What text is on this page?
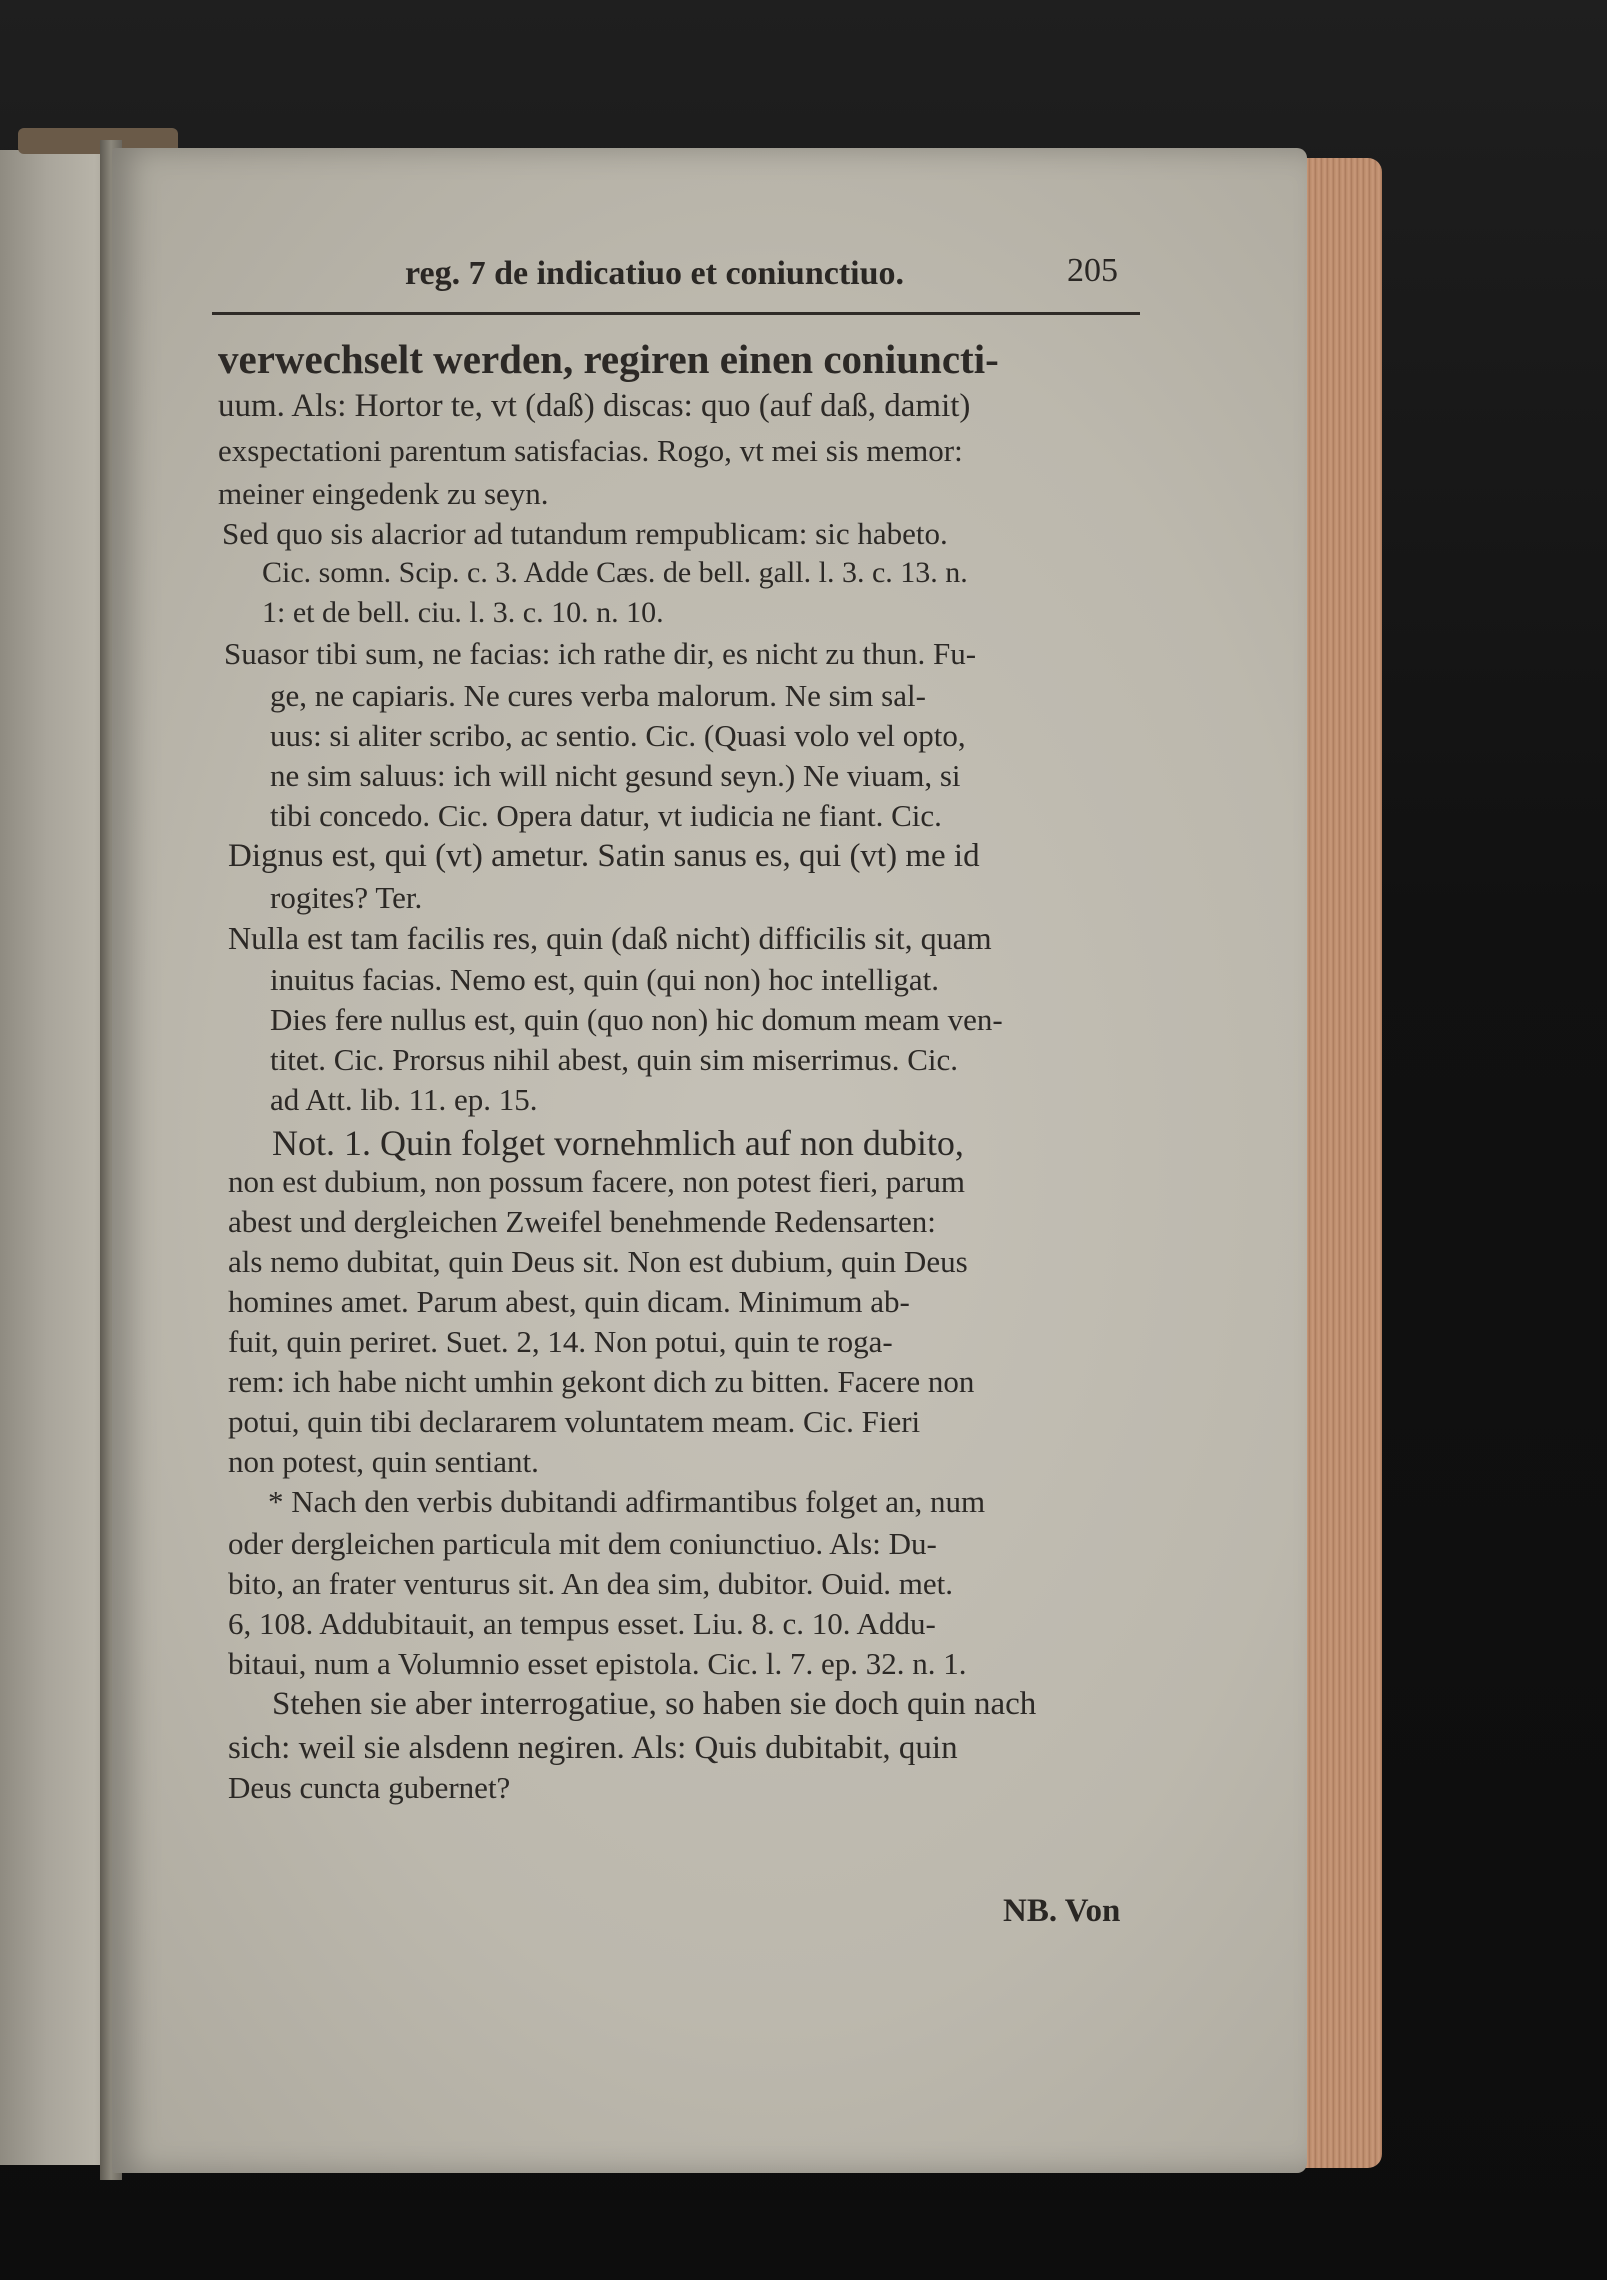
reg. 7 de indicatiuo et coniunctiuo.	205
verwechselt werden, regiren einen coniuncti-
uum. Als: Hortor te, vt (daß) discas: quo (auf daß, damit)
exspectationi parentum satisfacias. Rogo, vt mei sis memor:
meiner eingedenk zu seyn.
Sed quo sis alacrior ad tutandum rempublicam: sic habeto.
Cic. somn. Scip. c. 3. Adde Cæs. de bell. gall. l. 3. c. 13. n.
1: et de bell. ciu. l. 3. c. 10. n. 10.
Suasor tibi sum, ne facias: ich rathe dir, es nicht zu thun. Fu-
ge, ne capiaris. Ne cures verba malorum. Ne sim sal-
uus: si aliter scribo, ac sentio. Cic. (Quasi volo vel opto,
ne sim saluus: ich will nicht gesund seyn.) Ne viuam, si
tibi concedo. Cic. Opera datur, vt iudicia ne fiant. Cic.
Dignus est, qui (vt) ametur. Satin sanus es, qui (vt) me id
rogites? Ter.
Nulla est tam facilis res, quin (daß nicht) difficilis sit, quam
inuitus facias. Nemo est, quin (qui non) hoc intelligat.
Dies fere nullus est, quin (quo non) hic domum meam ven-
titet. Cic. Prorsus nihil abest, quin sim miserrimus. Cic.
ad Att. lib. 11. ep. 15.
Not. 1. Quin folget vornehmlich auf non dubito,
non est dubium, non possum facere, non potest fieri, parum
abest und dergleichen Zweifel benehmende Redensarten:
als nemo dubitat, quin Deus sit. Non est dubium, quin Deus
homines amet. Parum abest, quin dicam. Minimum ab-
fuit, quin periret. Suet. 2, 14. Non potui, quin te roga-
rem: ich habe nicht umhin gekont dich zu bitten. Facere non
potui, quin tibi declararem voluntatem meam. Cic. Fieri
non potest, quin sentiant.
* Nach den verbis dubitandi adfirmantibus folget an, num
oder dergleichen particula mit dem coniunctiuo. Als: Du-
bito, an frater venturus sit. An dea sim, dubitor. Ouid. met.
6, 108. Addubitauit, an tempus esset. Liu. 8. c. 10. Addu-
bitaui, num a Volumnio esset epistola. Cic. l. 7. ep. 32. n. 1.
Stehen sie aber interrogatiue, so haben sie doch quin nach
sich: weil sie alsdenn negiren. Als: Quis dubitabit, quin
Deus cuncta gubernet?
NB. Von
